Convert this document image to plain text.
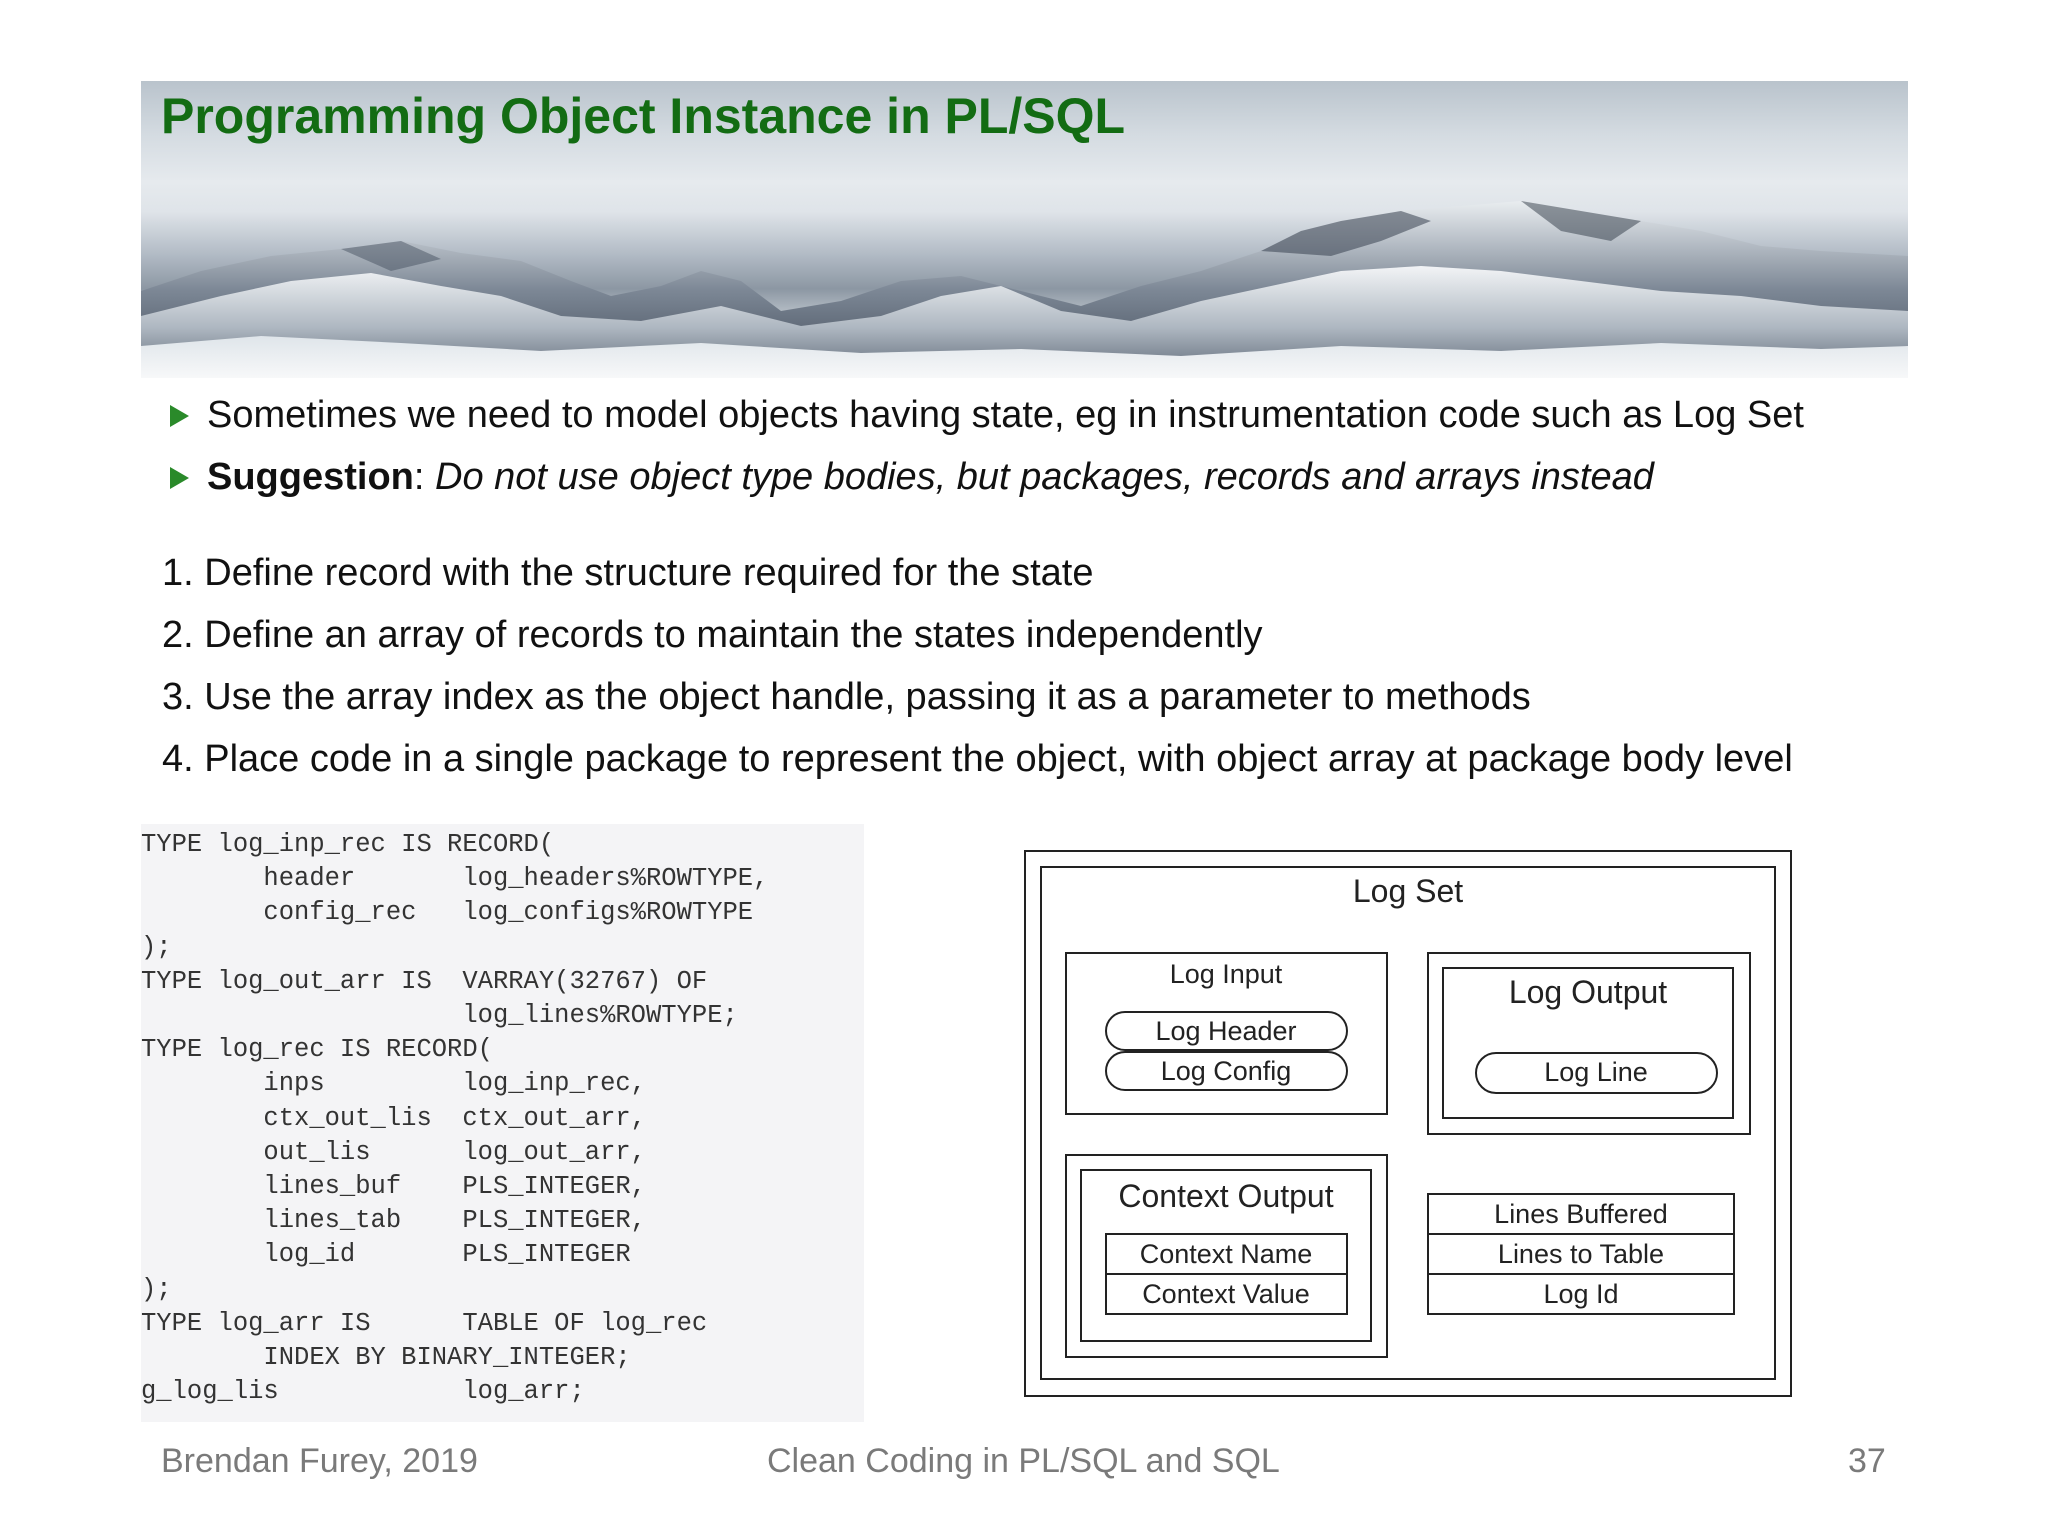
Programming Object Instance in PL/SQL
Sometimes we need to model objects having state, eg in instrumentation code such as Log Set
Suggestion: Do not use object type bodies, but packages, records and arrays instead
1. Define record with the structure required for the state
2. Define an array of records to maintain the states independently
3. Use the array index as the object handle, passing it as a parameter to methods
4. Place code in a single package to represent the object, with object array at package body level
TYPE log_inp_rec IS RECORD(
header       log_headers%ROWTYPE,
config_rec   log_configs%ROWTYPE
);
TYPE log_out_arr IS  VARRAY(32767) OF
log_lines%ROWTYPE;
TYPE log_rec IS RECORD(
inps         log_inp_rec,
ctx_out_lis  ctx_out_arr,
out_lis      log_out_arr,
lines_buf    PLS_INTEGER,
lines_tab    PLS_INTEGER,
log_id       PLS_INTEGER
);
TYPE log_arr IS      TABLE OF log_rec
INDEX BY BINARY_INTEGER;
g_log_lis            log_arr;
Log Set
Log Input
Log Header
Log Config
Log Output
Log Line
Context Output
Context Name
Context Value
Lines Buffered
Lines to Table
Log Id
Brendan Furey, 2019	Clean Coding in PL/SQL and SQL	37
